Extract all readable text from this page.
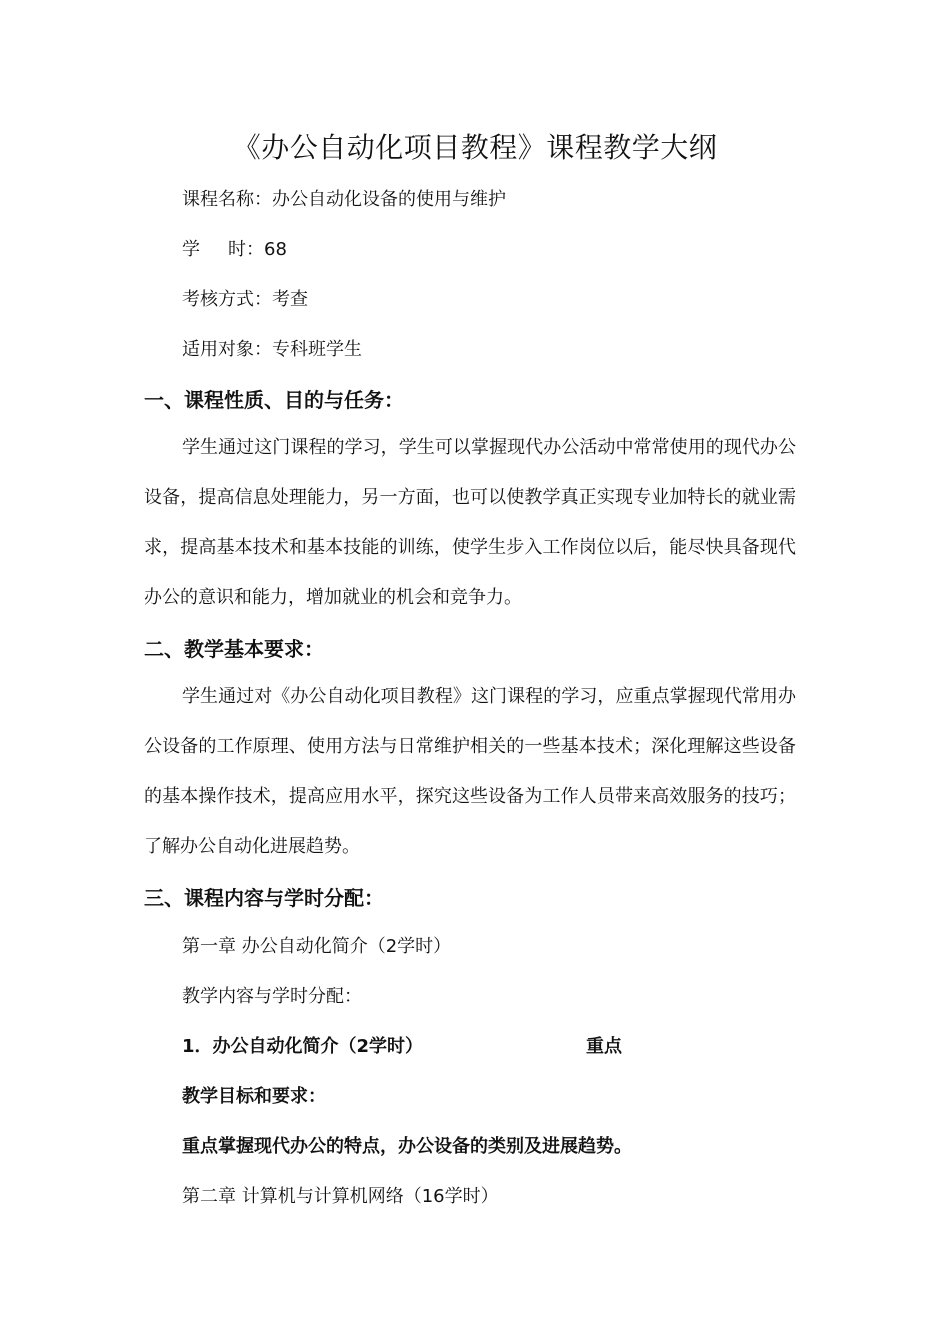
《办公自动化项目教程》课程教学大纲
课程名称：办公自动化设备的使用与维护
学 时：68
考核方式：考查
适用对象：专科班学生
一、课程性质、目的与任务：
学生通过这门课程的学习，学生可以掌握现代办公活动中常常使用的现代办公设备，提高信息处理能力，另一方面，也可以使教学真正实现专业加特长的就业需求，提高基本技术和基本技能的训练，使学生步入工作岗位以后，能尽快具备现代办公的意识和能力，增加就业的机会和竞争力。
二、教学基本要求：
学生通过对《办公自动化项目教程》这门课程的学习，应重点掌握现代常用办公设备的工作原理、使用方法与日常维护相关的一些基本技术；深化理解这些设备的基本操作技术，提高应用水平，探究这些设备为工作人员带来高效服务的技巧；了解办公自动化进展趋势。
三、课程内容与学时分配：
第一章 办公自动化简介（2学时）
教学内容与学时分配：
1．办公自动化简介（2学时）	重点
教学目标和要求：
重点掌握现代办公的特点，办公设备的类别及进展趋势。
第二章 计算机与计算机网络（16学时）
